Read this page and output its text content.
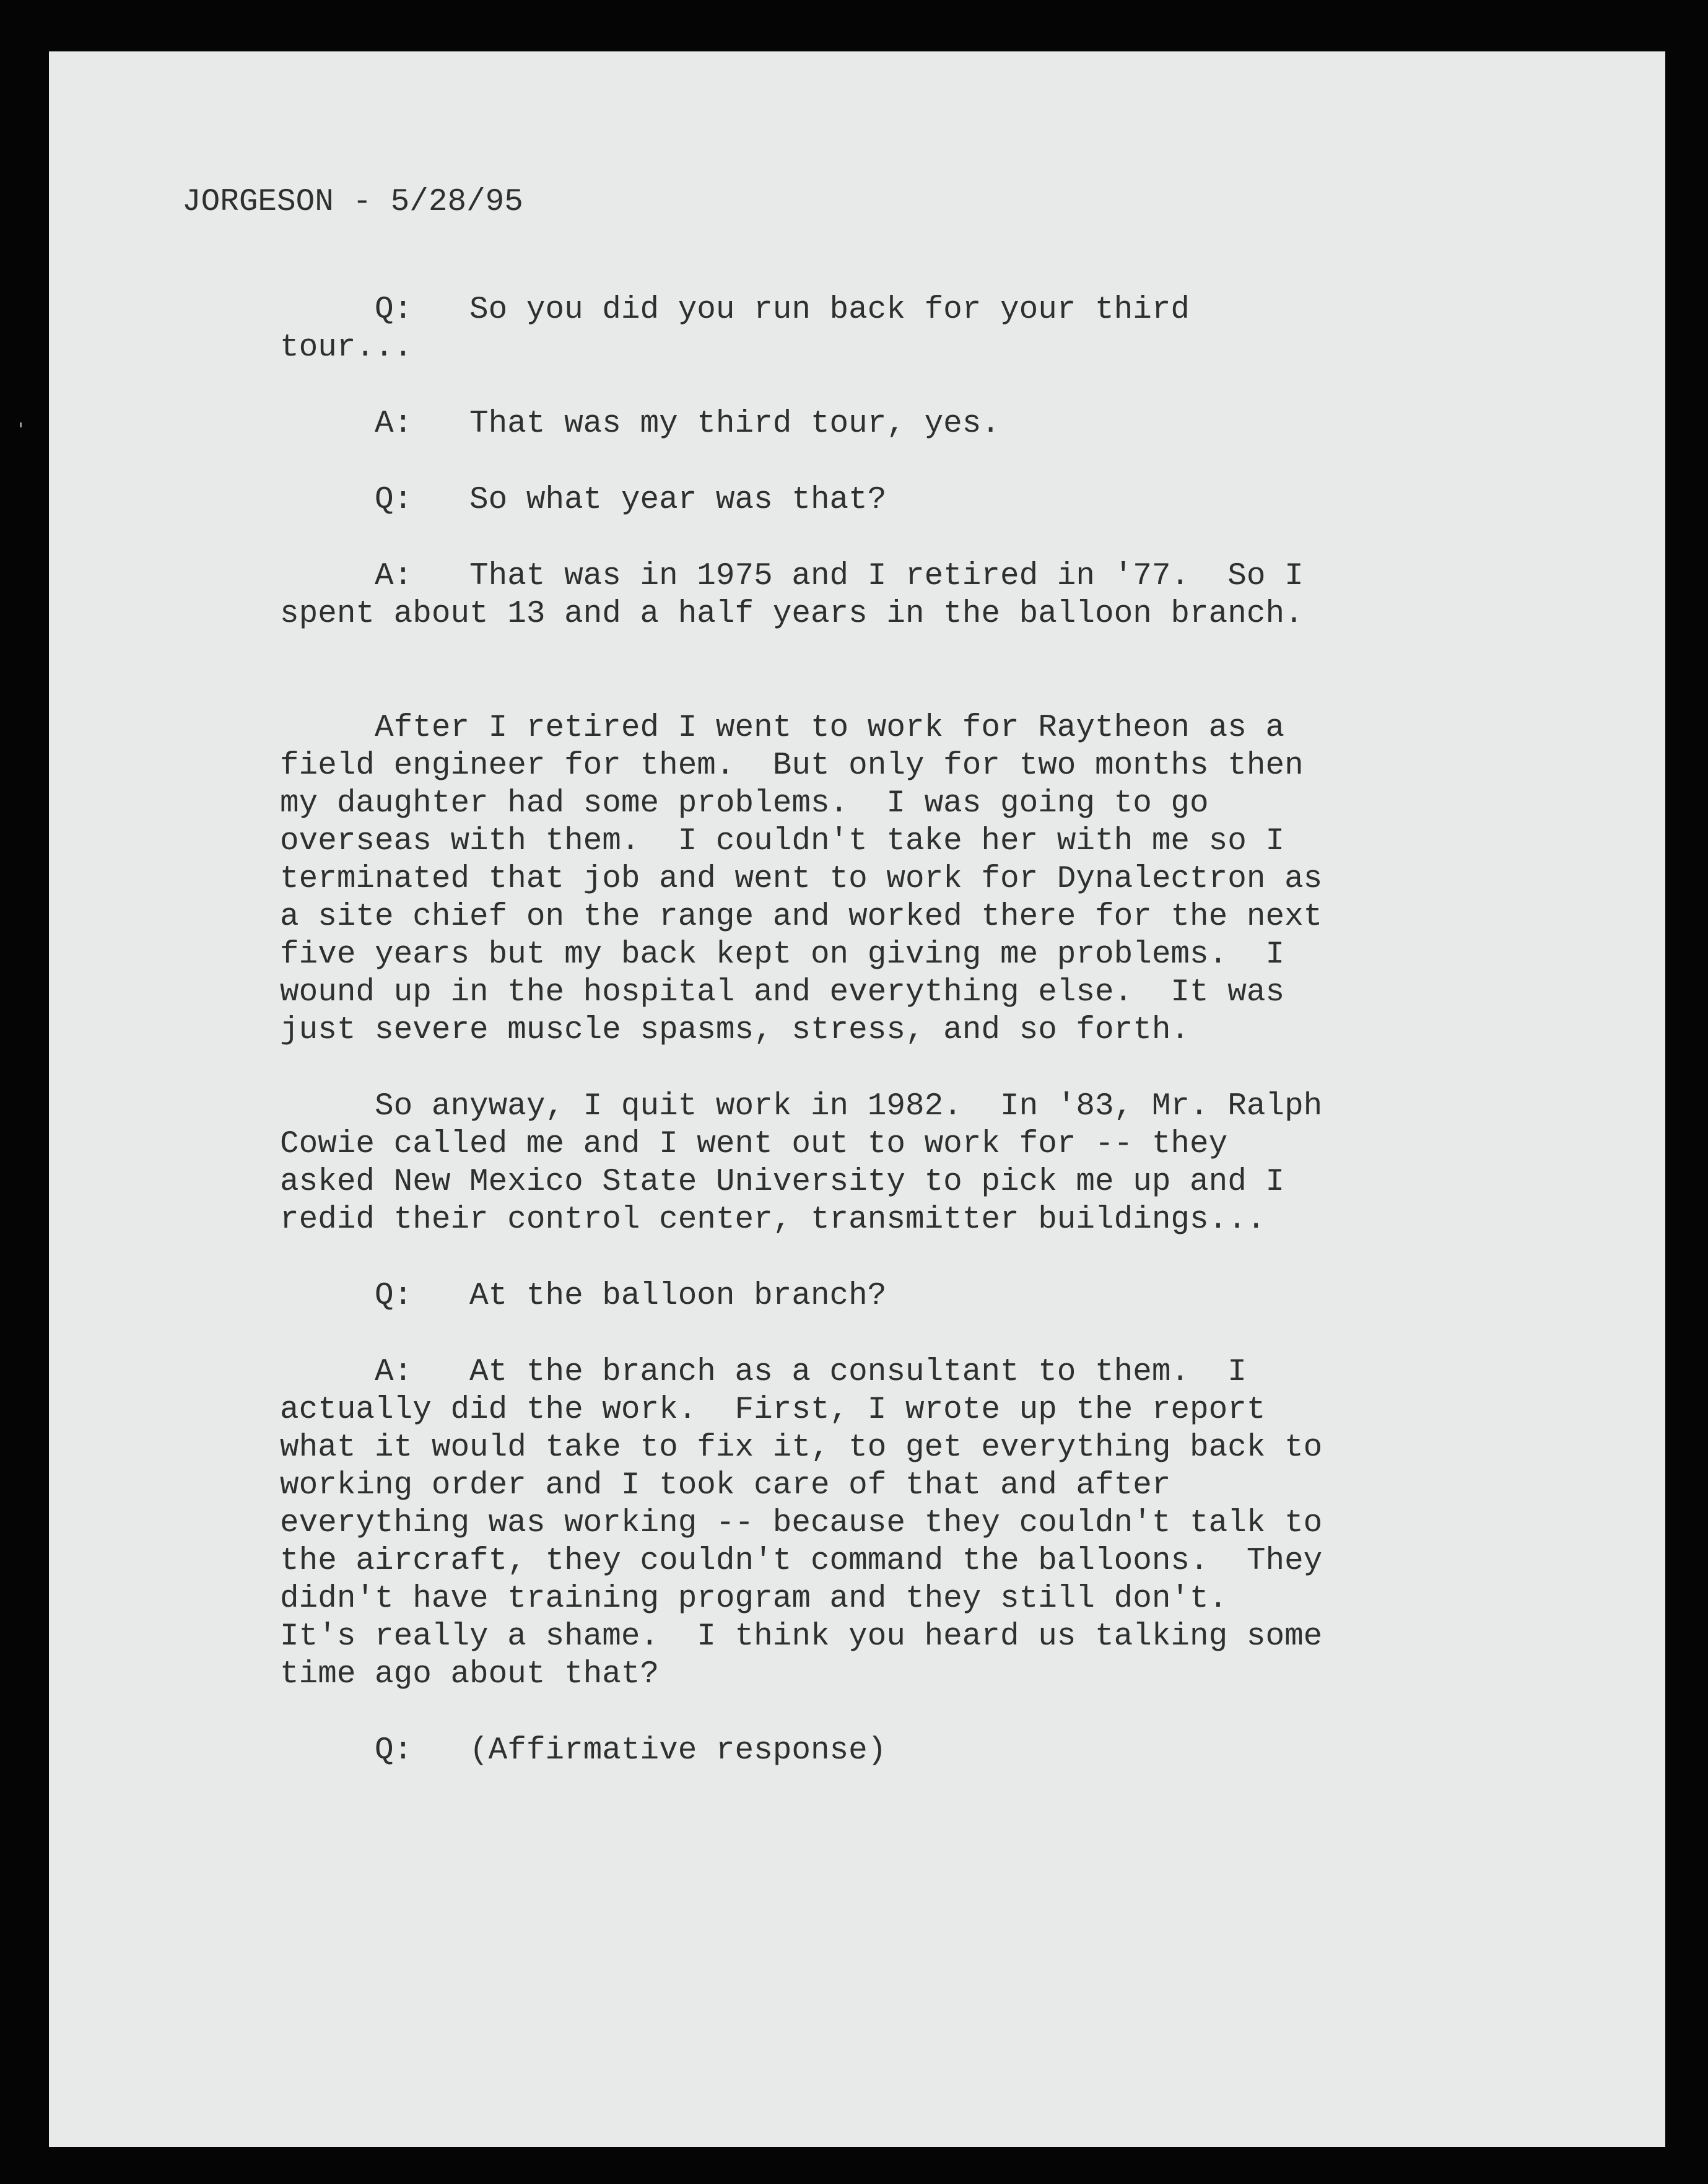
JORGESON - 5/28/95

Q:   So you did you run back for your third
tour...

A:   That was my third tour, yes.

Q:   So what year was that?

A:   That was in 1975 and I retired in '77.  So I
spent about 13 and a half years in the balloon branch.

After I retired I went to work for Raytheon as a
field engineer for them.  But only for two months then
my daughter had some problems.  I was going to go
overseas with them.  I couldn't take her with me so I
terminated that job and went to work for Dynalectron as
a site chief on the range and worked there for the next
five years but my back kept on giving me problems.  I
wound up in the hospital and everything else.  It was
just severe muscle spasms, stress, and so forth.

So anyway, I quit work in 1982.  In '83, Mr. Ralph
Cowie called me and I went out to work for -- they
asked New Mexico State University to pick me up and I
redid their control center, transmitter buildings...

Q:   At the balloon branch?

A:   At the branch as a consultant to them.  I
actually did the work.  First, I wrote up the report
what it would take to fix it, to get everything back to
working order and I took care of that and after
everything was working -- because they couldn't talk to
the aircraft, they couldn't command the balloons.  They
didn't have training program and they still don't.
It's really a shame.  I think you heard us talking some
time ago about that?

Q:   (Affirmative response)
